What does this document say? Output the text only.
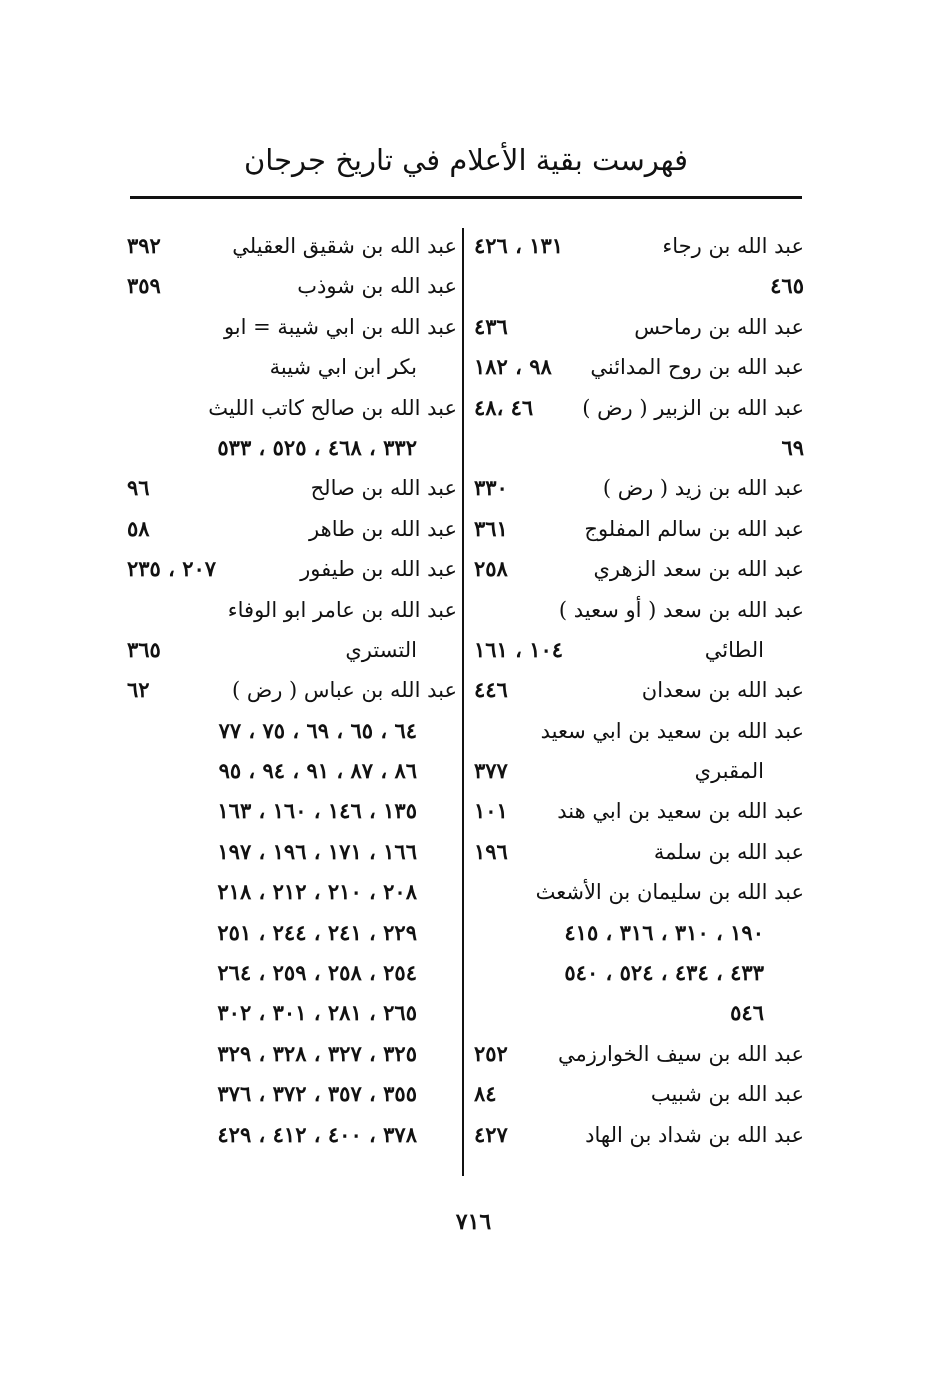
فهرست بقية الأعلام في تاريخ جرجان
عبد الله بن رجاء
١٣١ ، ٤٢٦
٤٦٥
عبد الله بن رماحس
٤٣٦
عبد الله بن روح المدائني
٩٨ ، ١٨٢
عبد الله بن الزبير ( رض )
٤٦ ،٤٨
٦٩
عبد الله بن زيد ( رض )
٣٣٠
عبد الله بن سالم المفلوج
٣٦١
عبد الله بن سعد الزهري
٢٥٨
عبد الله بن سعد ( أو سعيد )
الطائي
١٠٤ ، ١٦١
عبد الله بن سعدان
٤٤٦
عبد الله بن سعيد بن ابي سعيد
المقبري
٣٧٧
عبد الله بن سعيد بن ابي هند
١٠١
عبد الله بن سلمة
١٩٦
عبد الله بن سليمان بن الأشعث
١٩٠ ، ٣١٠ ، ٣١٦ ، ٤١٥
٤٣٣ ، ٤٣٤ ، ٥٢٤ ، ٥٤٠
٥٤٦
عبد الله بن سيف الخوارزمي
٢٥٢
عبد الله بن شبيب
٨٤
عبد الله بن شداد بن الهاد
٤٢٧
عبد الله بن شقيق العقيلي
٣٩٢
عبد الله بن شوذب
٣٥٩
عبد الله بن ابي شيبة = ابو
بكر ابن ابي شيبة
عبد الله بن صالح كاتب الليث
٣٣٢ ، ٤٦٨ ، ٥٢٥ ، ٥٣٣
عبد الله بن صالح
٩٦
عبد الله بن طاهر
٥٨
عبد الله بن طيفور
٢٠٧ ، ٢٣٥
عبد الله بن عامر ابو الوفاء
التستري
٣٦٥
عبد الله بن عباس ( رض )
٦٢
٦٤ ، ٦٥ ، ٦٩ ، ٧٥ ، ٧٧
٨٦ ، ٨٧ ، ٩١ ، ٩٤ ، ٩٥
١٣٥ ، ١٤٦ ، ١٦٠ ، ١٦٣
١٦٦ ، ١٧١ ، ١٩٦ ، ١٩٧
٢٠٨ ، ٢١٠ ، ٢١٢ ، ٢١٨
٢٢٩ ، ٢٤١ ، ٢٤٤ ، ٢٥١
٢٥٤ ، ٢٥٨ ، ٢٥٩ ، ٢٦٤
٢٦٥ ، ٢٨١ ، ٣٠١ ، ٣٠٢
٣٢٥ ، ٣٢٧ ، ٣٢٨ ، ٣٢٩
٣٥٥ ، ٣٥٧ ، ٣٧٢ ، ٣٧٦
٣٧٨ ، ٤٠٠ ، ٤١٢ ، ٤٢٩
٧١٦
